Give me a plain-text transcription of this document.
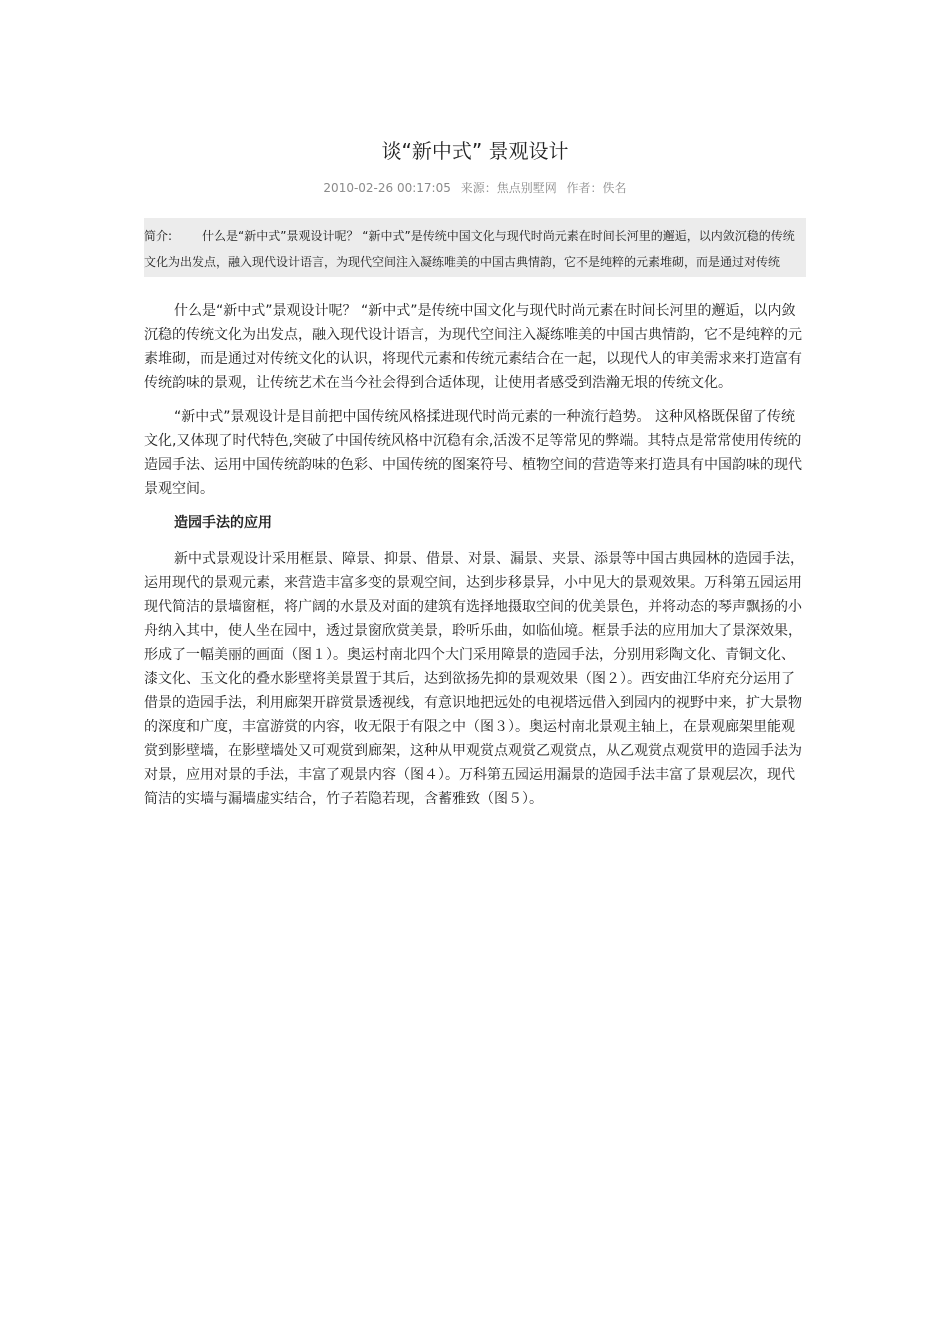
谈“新中式” 景观设计
2010-02-26 00:17:05 来源：焦点别墅网 作者：佚名
简介:	什么是“新中式”景观设计呢？ “新中式”是传统中国文化与现代时尚元素在时间长河里的邂逅，以内敛沉稳的传统文化为出发点，融入现代设计语言，为现代空间注入凝练唯美的中国古典情韵，它不是纯粹的元素堆砌，而是通过对传统

什么是“新中式”景观设计呢？ “新中式”是传统中国文化与现代时尚元素在时间长河里的邂逅，以内敛沉稳的传统文化为出发点，融入现代设计语言，为现代空间注入凝练唯美的中国古典情韵，它不是纯粹的元素堆砌，而是通过对传统文化的认识，将现代元素和传统元素结合在一起，以现代人的审美需求来打造富有传统韵味的景观，让传统艺术在当今社会得到合适体现，让使用者感受到浩瀚无垠的传统文化。

“新中式”景观设计是目前把中国传统风格揉进现代时尚元素的一种流行趋势。 这种风格既保留了传统文化,又体现了时代特色,突破了中国传统风格中沉稳有余,活泼不足等常见的弊端。其特点是常常使用传统的造园手法、运用中国传统韵味的色彩、中国传统的图案符号、植物空间的营造等来打造具有中国韵味的现代景观空间。

造园手法的应用

新中式景观设计采用框景、障景、抑景、借景、对景、漏景、夹景、添景等中国古典园林的造园手法，运用现代的景观元素，来营造丰富多变的景观空间，达到步移景异，小中见大的景观效果。万科第五园运用现代简洁的景墙窗框，将广阔的水景及对面的建筑有选择地摄取空间的优美景色，并将动态的琴声飘扬的小舟纳入其中，使人坐在园中，透过景窗欣赏美景，聆听乐曲，如临仙境。框景手法的应用加大了景深效果，形成了一幅美丽的画面（图１）。奥运村南北四个大门采用障景的造园手法，分别用彩陶文化、青铜文化、漆文化、玉文化的叠水影壁将美景置于其后，达到欲扬先抑的景观效果（图２）。西安曲江华府充分运用了借景的造园手法，利用廊架开辟赏景透视线，有意识地把远处的电视塔远借入到园内的视野中来，扩大景物的深度和广度，丰富游赏的内容，收无限于有限之中（图３）。奥运村南北景观主轴上，在景观廊架里能观赏到影壁墙，在影壁墙处又可观赏到廊架，这种从甲观赏点观赏乙观赏点，从乙观赏点观赏甲的造园手法为对景，应用对景的手法，丰富了观景内容（图４）。万科第五园运用漏景的造园手法丰富了景观层次，现代简洁的实墙与漏墙虚实结合，竹子若隐若现，含蓄雅致（图５）。
